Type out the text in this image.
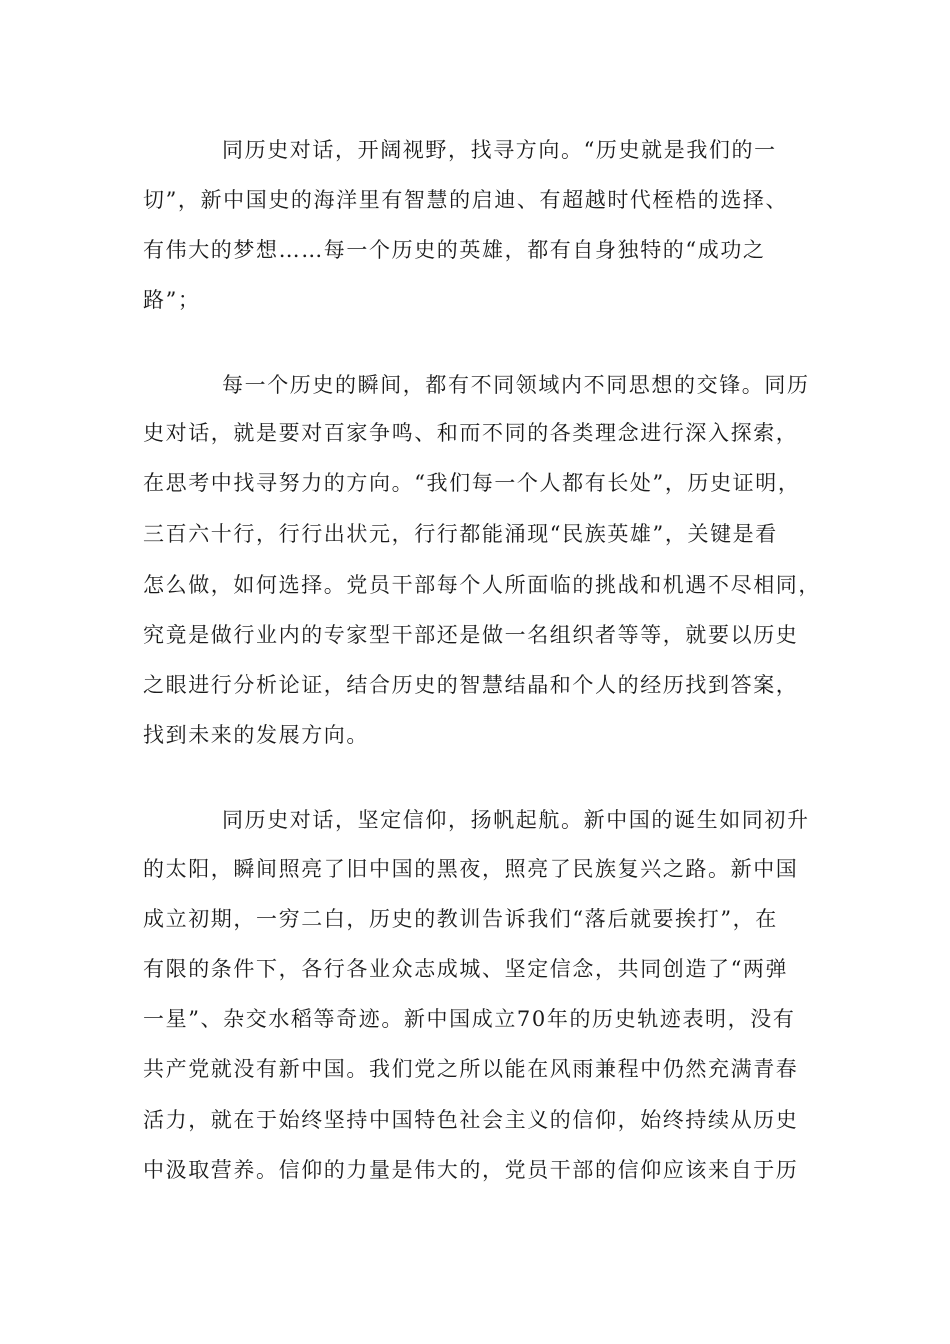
同历史对话，开阔视野，找寻方向。“历史就是我们的一
切”，新中国史的海洋里有智慧的启迪、有超越时代桎梏的选择、
有伟大的梦想……每一个历史的英雄，都有自身独特的“成功之
路”；
每一个历史的瞬间，都有不同领域内不同思想的交锋。同历
史对话，就是要对百家争鸣、和而不同的各类理念进行深入探索，
在思考中找寻努力的方向。“我们每一个人都有长处”，历史证明，
三百六十行，行行出状元，行行都能涌现“民族英雄”，关键是看
怎么做，如何选择。党员干部每个人所面临的挑战和机遇不尽相同，
究竟是做行业内的专家型干部还是做一名组织者等等，就要以历史
之眼进行分析论证，结合历史的智慧结晶和个人的经历找到答案，
找到未来的发展方向。
同历史对话，坚定信仰，扬帆起航。新中国的诞生如同初升
的太阳，瞬间照亮了旧中国的黑夜，照亮了民族复兴之路。新中国
成立初期，一穷二白，历史的教训告诉我们“落后就要挨打”，在
有限的条件下，各行各业众志成城、坚定信念，共同创造了“两弹
一星”、杂交水稻等奇迹。新中国成立70年的历史轨迹表明，没有
共产党就没有新中国。我们党之所以能在风雨兼程中仍然充满青春
活力，就在于始终坚持中国特色社会主义的信仰，始终持续从历史
中汲取营养。信仰的力量是伟大的，党员干部的信仰应该来自于历
